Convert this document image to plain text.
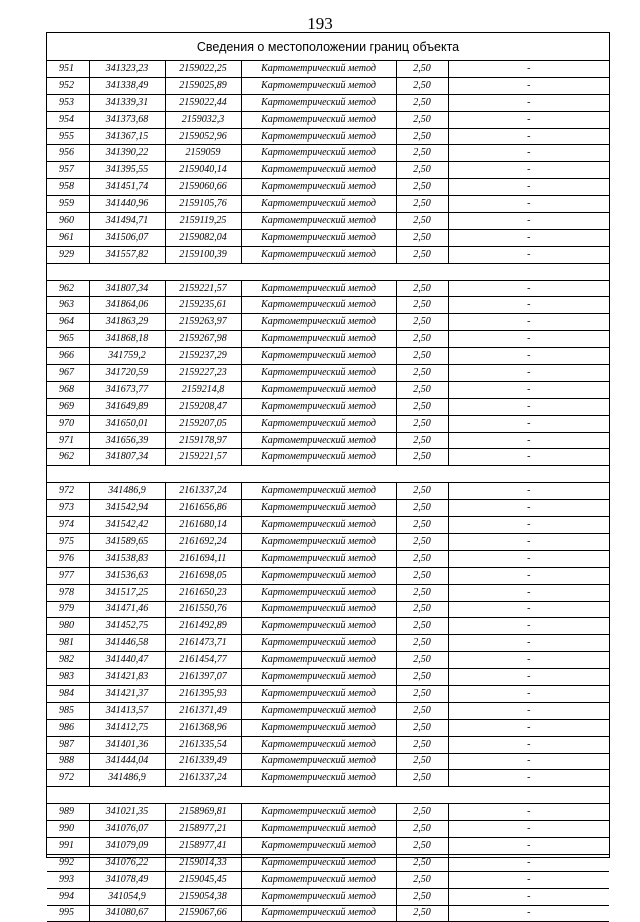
193
Сведения о местоположении границ объекта
951	341323,23	2159022,25	Картометрический метод	2,50	-
952	341338,49	2159025,89	Картометрический метод	2,50	-
953	341339,31	2159022,44	Картометрический метод	2,50	-
954	341373,68	2159032,3	Картометрический метод	2,50	-
955	341367,15	2159052,96	Картометрический метод	2,50	-
956	341390,22	2159059	Картометрический метод	2,50	-
957	341395,55	2159040,14	Картометрический метод	2,50	-
958	341451,74	2159060,66	Картометрический метод	2,50	-
959	341440,96	2159105,76	Картометрический метод	2,50	-
960	341494,71	2159119,25	Картометрический метод	2,50	-
961	341506,07	2159082,04	Картометрический метод	2,50	-
929	341557,82	2159100,39	Картометрический метод	2,50	-

962	341807,34	2159221,57	Картометрический метод	2,50	-
963	341864,06	2159235,61	Картометрический метод	2,50	-
964	341863,29	2159263,97	Картометрический метод	2,50	-
965	341868,18	2159267,98	Картометрический метод	2,50	-
966	341759,2	2159237,29	Картометрический метод	2,50	-
967	341720,59	2159227,23	Картометрический метод	2,50	-
968	341673,77	2159214,8	Картометрический метод	2,50	-
969	341649,89	2159208,47	Картометрический метод	2,50	-
970	341650,01	2159207,05	Картометрический метод	2,50	-
971	341656,39	2159178,97	Картометрический метод	2,50	-
962	341807,34	2159221,57	Картометрический метод	2,50	-

972	341486,9	2161337,24	Картометрический метод	2,50	-
973	341542,94	2161656,86	Картометрический метод	2,50	-
974	341542,42	2161680,14	Картометрический метод	2,50	-
975	341589,65	2161692,24	Картометрический метод	2,50	-
976	341538,83	2161694,11	Картометрический метод	2,50	-
977	341536,63	2161698,05	Картометрический метод	2,50	-
978	341517,25	2161650,23	Картометрический метод	2,50	-
979	341471,46	2161550,76	Картометрический метод	2,50	-
980	341452,75	2161492,89	Картометрический метод	2,50	-
981	341446,58	2161473,71	Картометрический метод	2,50	-
982	341440,47	2161454,77	Картометрический метод	2,50	-
983	341421,83	2161397,07	Картометрический метод	2,50	-
984	341421,37	2161395,93	Картометрический метод	2,50	-
985	341413,57	2161371,49	Картометрический метод	2,50	-
986	341412,75	2161368,96	Картометрический метод	2,50	-
987	341401,36	2161335,54	Картометрический метод	2,50	-
988	341444,04	2161339,49	Картометрический метод	2,50	-
972	341486,9	2161337,24	Картометрический метод	2,50	-

989	341021,35	2158969,81	Картометрический метод	2,50	-
990	341076,07	2158977,21	Картометрический метод	2,50	-
991	341079,09	2158977,41	Картометрический метод	2,50	-
992	341076,22	2159014,33	Картометрический метод	2,50	-
993	341078,49	2159045,45	Картометрический метод	2,50	-
994	341054,9	2159054,38	Картометрический метод	2,50	-
995	341080,67	2159067,66	Картометрический метод	2,50	-
